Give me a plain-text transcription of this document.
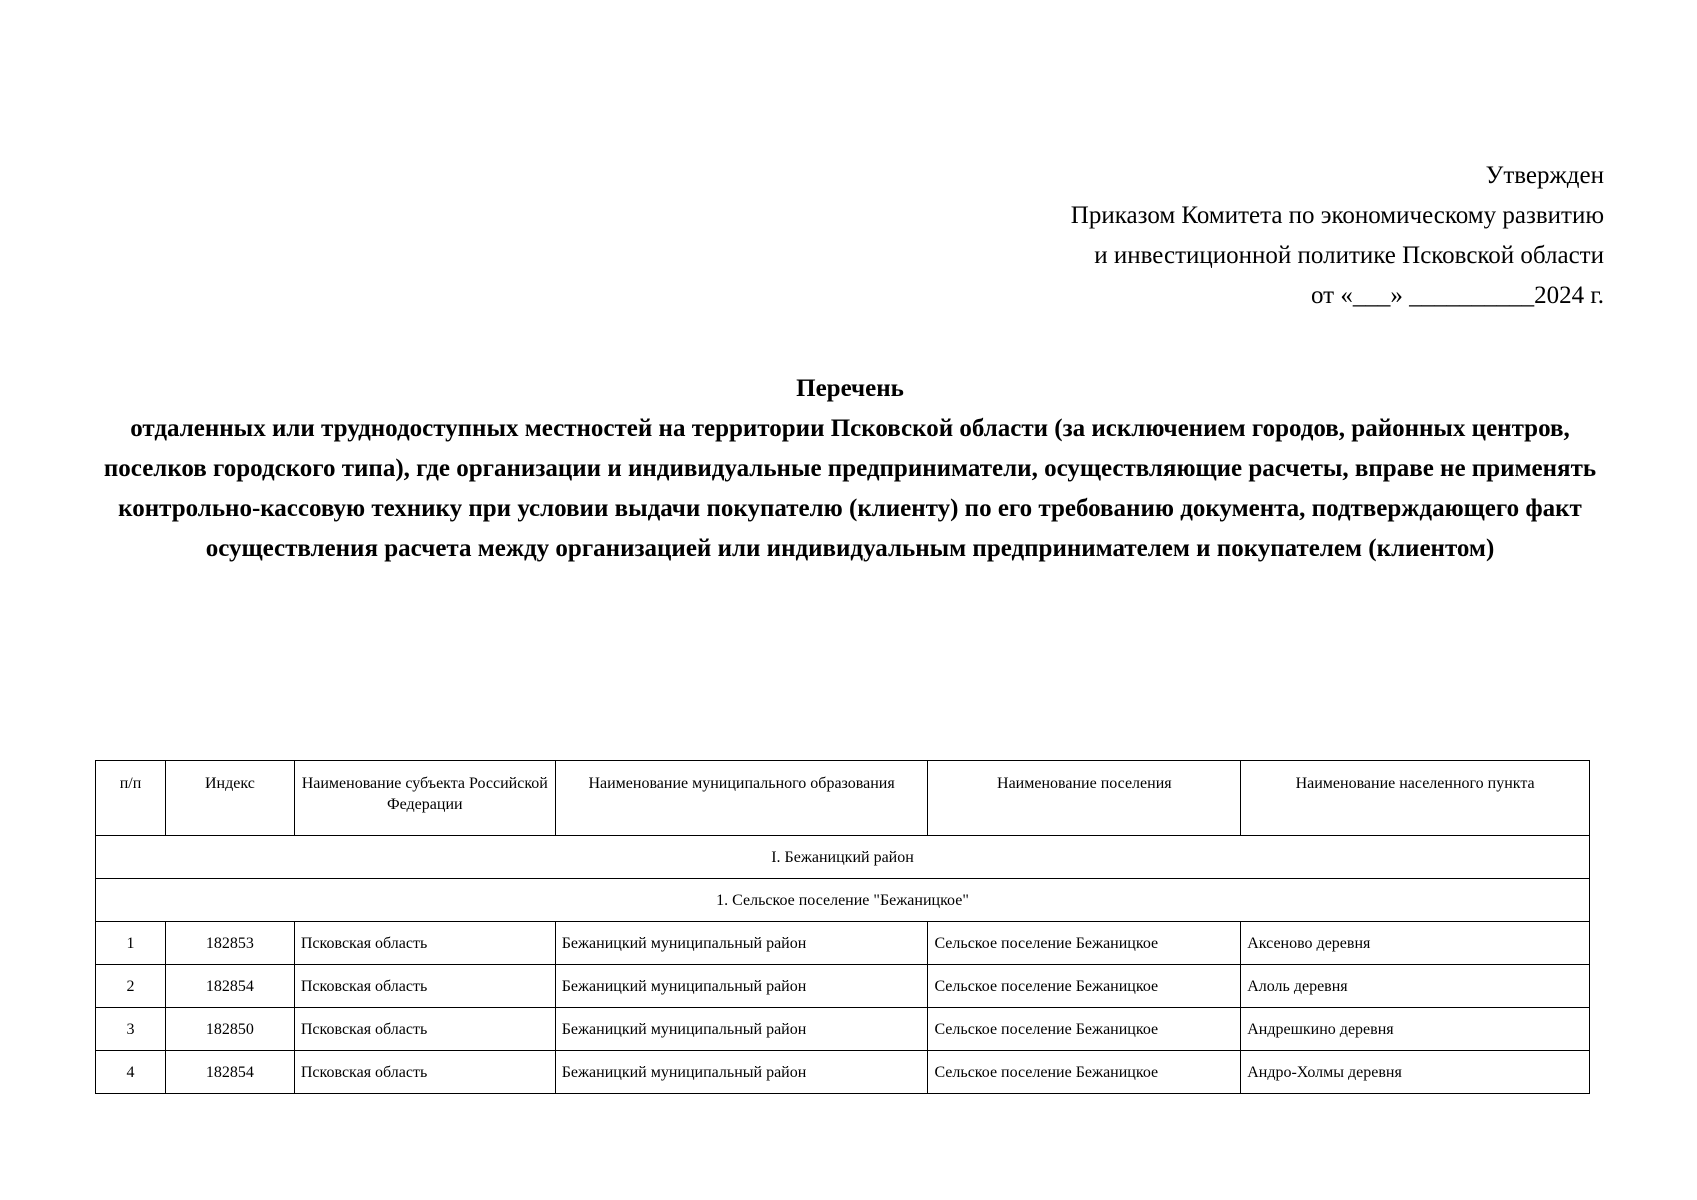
Утвержден
Приказом Комитета по экономическому развитию
и инвестиционной политике Псковской области
от «___» __________2024 г.
Перечень
отдаленных или труднодоступных местностей на территории Псковской области (за исключением городов, районных центров, поселков городского типа), где организации и индивидуальные предприниматели, осуществляющие расчеты, вправе не применять контрольно-кассовую технику при условии выдачи покупателю (клиенту) по его требованию документа, подтверждающего факт осуществления расчета между организацией или индивидуальным предпринимателем и покупателем (клиентом)
п/п	Индекс	Наименование субъекта Российской Федерации	Наименование муниципального образования	Наименование поселения	Наименование населенного пункта
I. Бежаницкий район					
1. Сельское поселение "Бежаницкое"					
1	182853	Псковская область	Бежаницкий муниципальный район	Сельское поселение Бежаницкое	Аксеново деревня
2	182854	Псковская область	Бежаницкий муниципальный район	Сельское поселение Бежаницкое	Алоль деревня
3	182850	Псковская область	Бежаницкий муниципальный район	Сельское поселение Бежаницкое	Андрешкино деревня
4	182854	Псковская область	Бежаницкий муниципальный район	Сельское поселение Бежаницкое	Андро-Холмы деревня
